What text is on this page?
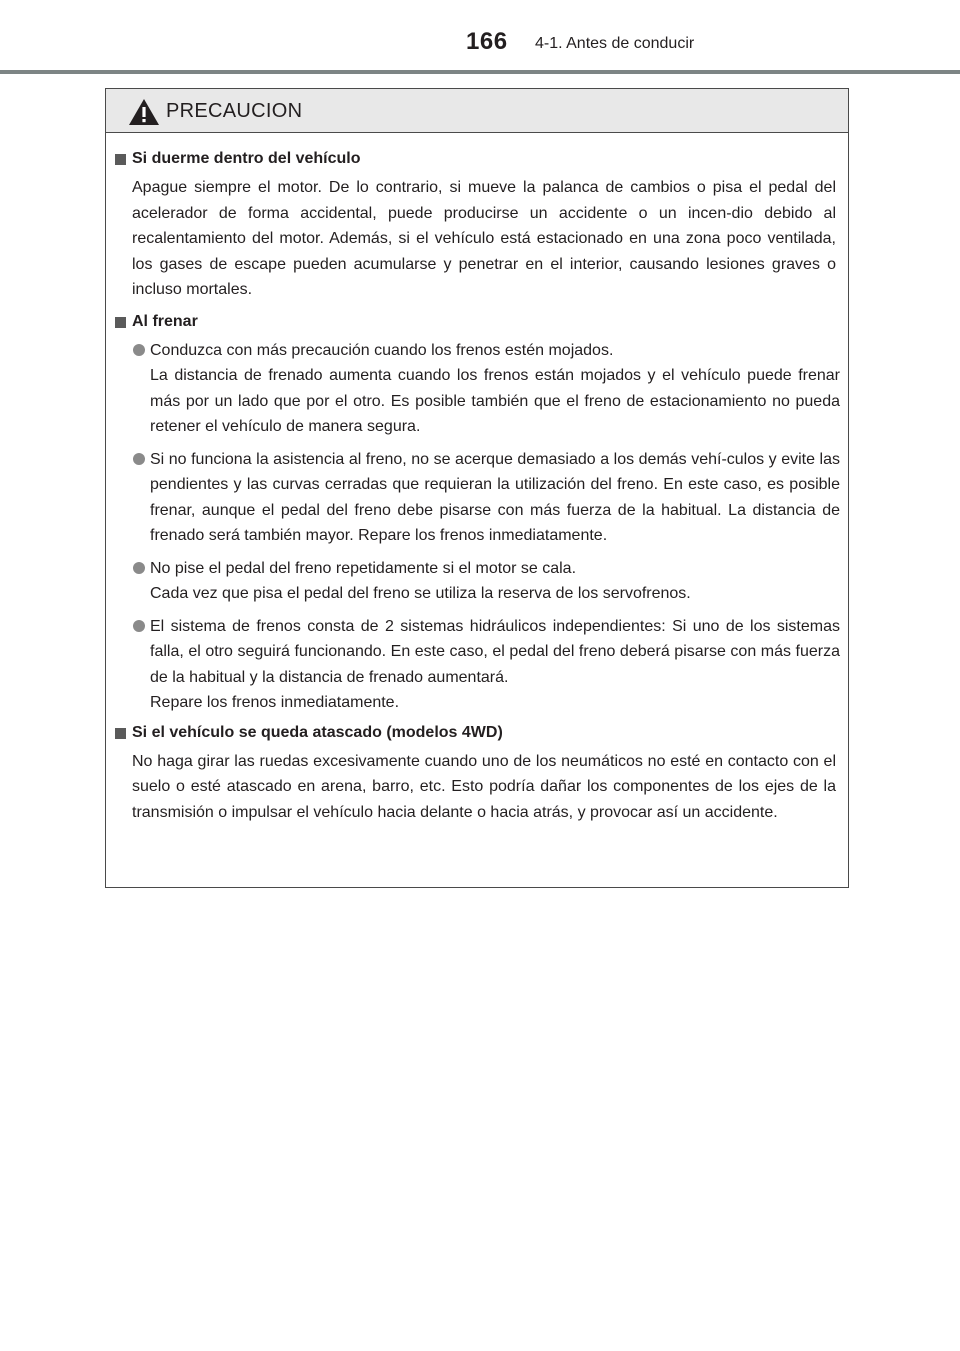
166 4-1. Antes de conducir
PRECAUCION
Si duerme dentro del vehículo
Apague siempre el motor. De lo contrario, si mueve la palanca de cambios o pisa el pedal del acelerador de forma accidental, puede producirse un accidente o un incen-dio debido al recalentamiento del motor. Además, si el vehículo está estacionado en una zona poco ventilada, los gases de escape pueden acumularse y penetrar en el interior, causando lesiones graves o incluso mortales.
Al frenar
Conduzca con más precaución cuando los frenos estén mojados.
La distancia de frenado aumenta cuando los frenos están mojados y el vehículo puede frenar más por un lado que por el otro. Es posible también que el freno de estacionamiento no pueda retener el vehículo de manera segura.
Si no funciona la asistencia al freno, no se acerque demasiado a los demás vehí-culos y evite las pendientes y las curvas cerradas que requieran la utilización del freno. En este caso, es posible frenar, aunque el pedal del freno debe pisarse con más fuerza de la habitual. La distancia de frenado será también mayor. Repare los frenos inmediatamente.
No pise el pedal del freno repetidamente si el motor se cala.
Cada vez que pisa el pedal del freno se utiliza la reserva de los servofrenos.
El sistema de frenos consta de 2 sistemas hidráulicos independientes: Si uno de los sistemas falla, el otro seguirá funcionando. En este caso, el pedal del freno deberá pisarse con más fuerza de la habitual y la distancia de frenado aumentará.
Repare los frenos inmediatamente.
Si el vehículo se queda atascado (modelos 4WD)
No haga girar las ruedas excesivamente cuando uno de los neumáticos no esté en contacto con el suelo o esté atascado en arena, barro, etc. Esto podría dañar los componentes de los ejes de la transmisión o impulsar el vehículo hacia delante o hacia atrás, y provocar así un accidente.
